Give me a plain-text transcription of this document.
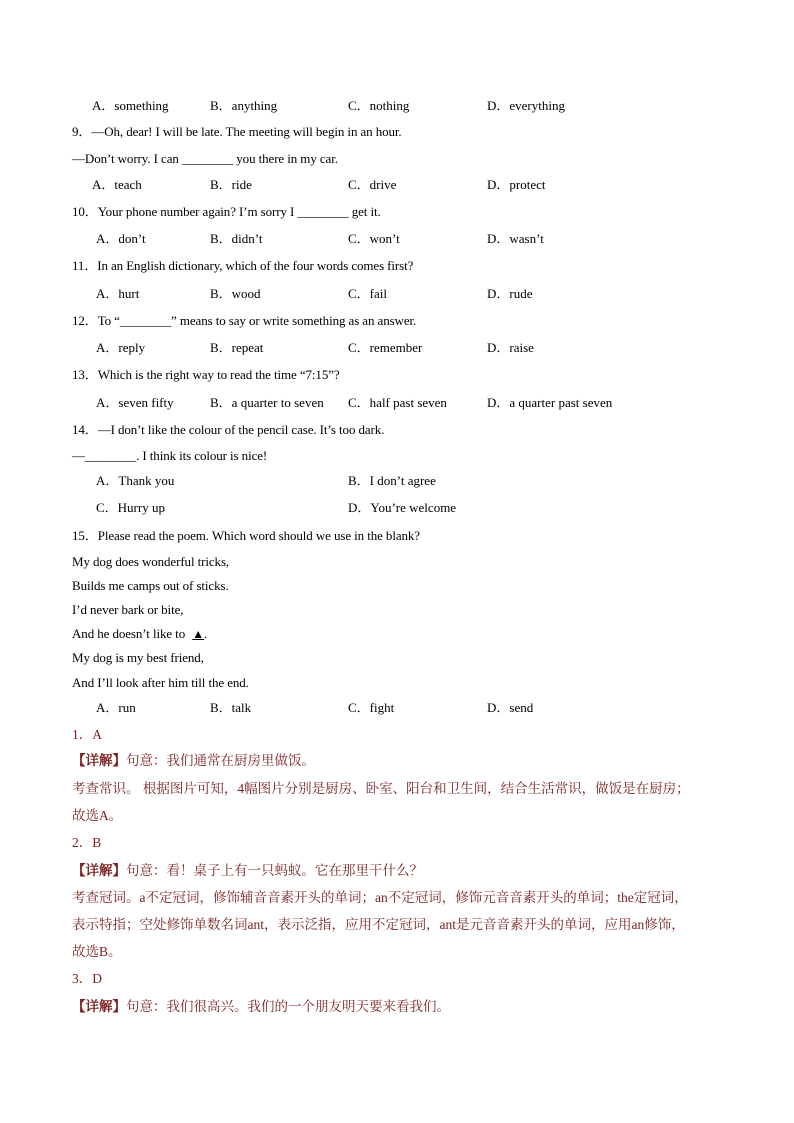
A．something	B．anything	C．nothing	D．everything
9．—Oh, dear! I will be late. The meeting will begin in an hour.
—Don’t worry. I can ________ you there in my car.
A．teach	B．ride	C．drive	D．protect
10．Your phone number again? I’m sorry I ________ get it.
A．don’t	B．didn’t	C．won’t	D．wasn’t
11．In an English dictionary, which of the four words comes first?
A．hurt	B．wood	C．fail	D．rude
12．To “________” means to say or write something as an answer.
A．reply	B．repeat	C．remember	D．raise
13．Which is the right way to read the time “7:15”?
A．seven fifty	B．a quarter to seven C．half past seven	D．a quarter past seven
14．—I don’t like the colour of the pencil case. It’s too dark.
—________. I think its colour is nice!
A．Thank you	B．I don’t agree
C．Hurry up	D．You’re welcome
15．Please read the poem. Which word should we use in the blank?
My dog does wonderful tricks,
Builds me camps out of sticks.
I’d never bark or bite,
And he doesn’t like to ▲.
My dog is my best friend,
And I’ll look after him till the end.
A．run	B．talk	C．fight	D．send
1．A
【详解】句意：我们通常在厨房里做饭。
考查常识。 根据图片可知，4幅图片分别是厨房、卧室、阳台和卫生间，结合生活常识，做饭是在厨房；
故选A。
2．B
【详解】句意：看！桌子上有一只蚂蚁。它在那里干什么？
考查冠词。a不定冠词，修饰辅音音素开头的单词；an不定冠词，修饰元音音素开头的单词；the定冠词，
表示特指；空处修饰单数名词ant，表示泛指，应用不定冠词，ant是元音音素开头的单词，应用an修饰，
故选B。
3．D
【详解】句意：我们很高兴。我们的一个朋友明天要来看我们。
